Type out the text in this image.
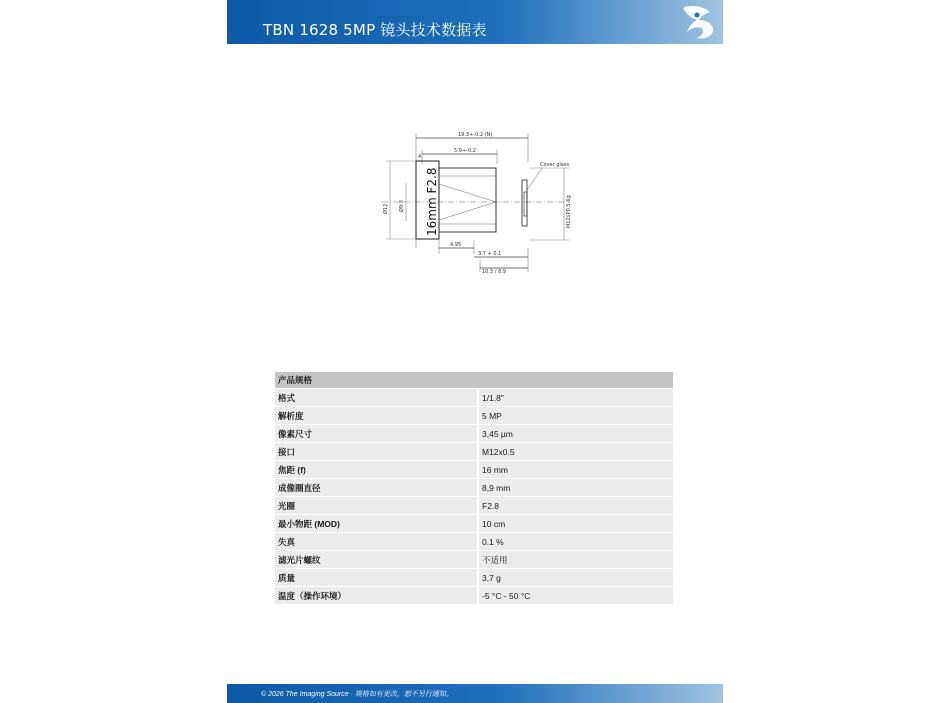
TBN 1628 5MP 镜头技术数据表
19.3+-0.2 (N)
5.9+-0.2
Cover glass
4
M12xP0.5-6g
Ø12 Ø9.3 16mm F2.8
4.95
3.7 + 0.1
10.3 / 8.9
产品规格	
格式	1/1.8"
解析度	5 MP
像素尺寸	3,45 µm
接口	M12x0.5
焦距 (f)	16 mm
成像圈直径	8,9 mm
光圈	F2.8
最小物距 (MOD)	10 cm
失真	0.1 %
滤光片螺纹	不适用
质量	3,7 g
温度（操作环境）	-5 °C - 50 °C
© 2026 The Imaging Source · 规格如有更改，恕不另行通知。
